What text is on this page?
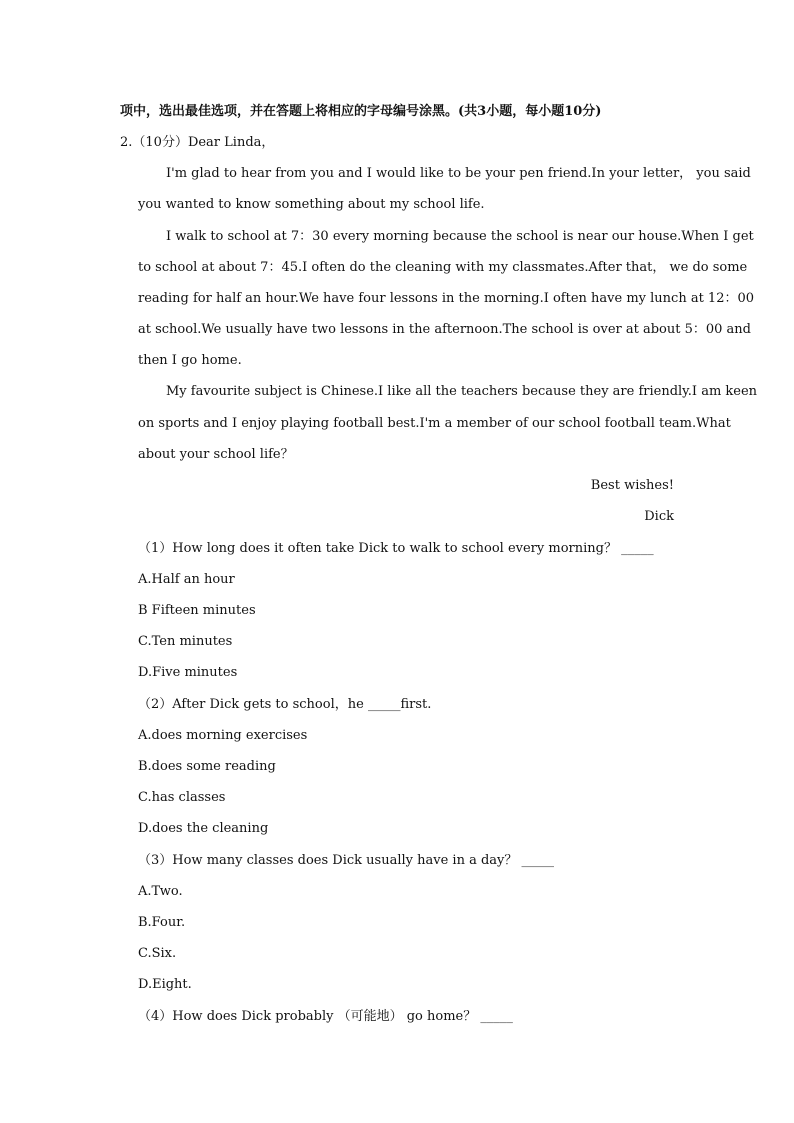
项中，选出最佳选项，并在答题上将相应的字母编号涂黑。(共3小题，每小题10分)
2.（10分）Dear Linda，
I'm glad to hear from you and I would like to be your pen friend.In your letter， you said
you wanted to know something about my school life.
I walk to school at 7：30 every morning because the school is near our house.When I get
to school at about 7：45.I often do the cleaning with my classmates.After that， we do some
reading for half an hour.We have four lessons in the morning.I often have my lunch at 12：00
at school.We usually have two lessons in the afternoon.The school is over at about 5：00 and
then I go home.
My favourite subject is Chinese.I like all the teachers because they are friendly.I am keen
on sports and I enjoy playing football best.I'm a member of our school football team.What
about your school life？
Best wishes!
Dick
（1）How long does it often take Dick to walk to school every morning？ _____
A.Half an hour
B Fifteen minutes
C.Ten minutes
D.Five minutes
（2）After Dick gets to school，he _____first.
A.does morning exercises
B.does some reading
C.has classes
D.does the cleaning
（3）How many classes does Dick usually have in a day？ _____
A.Two.
B.Four.
C.Six.
D.Eight.
（4）How does Dick probably （可能地） go home？ _____
